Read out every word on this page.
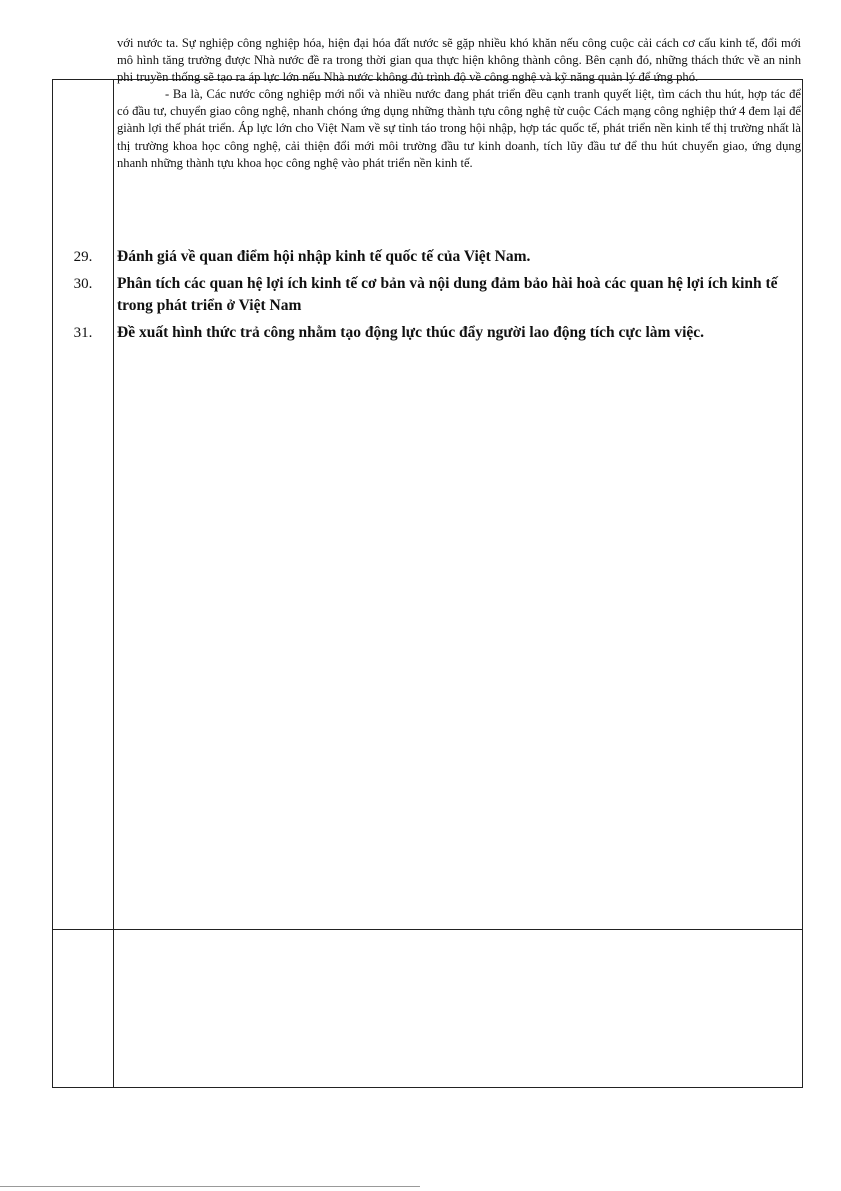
với nước ta. Sự nghiệp công nghiệp hóa, hiện đại hóa đất nước sẽ gặp nhiều khó khăn nếu công cuộc cải cách cơ cấu kinh tế, đổi mới mô hình tăng trưởng được Nhà nước đề ra trong thời gian qua thực hiện không thành công. Bên cạnh đó, những thách thức về an ninh phi truyền thống sẽ tạo ra áp lực lớn nếu Nhà nước không đủ trình độ về công nghệ và kỹ năng quản lý để ứng phó.

- Ba là, Các nước công nghiệp mới nổi và nhiều nước đang phát triển đều cạnh tranh quyết liệt, tìm cách thu hút, hợp tác để có đầu tư, chuyển giao công nghệ, nhanh chóng ứng dụng những thành tựu công nghệ từ cuộc Cách mạng công nghiệp thứ 4 đem lại để giành lợi thế phát triển. Áp lực lớn cho Việt Nam về sự tỉnh táo trong hội nhập, hợp tác quốc tế, phát triển nền kinh tế thị trường nhất là thị trường khoa học công nghệ, cải thiện đổi mới môi trường đầu tư kinh doanh, tích lũy đầu tư để thu hút chuyển giao, ứng dụng nhanh những thành tựu khoa học công nghệ vào phát triển nền kinh tế.

29.	Đánh giá về quan điểm hội nhập kinh tế quốc tế của Việt Nam.
30.	Phân tích các quan hệ lợi ích kinh tế cơ bản và nội dung đảm bảo hài hoà các quan hệ lợi ích kinh tế trong phát triển ở Việt Nam
31.	Đề xuất hình thức trả công nhằm tạo động lực thúc đẩy người lao động tích cực làm việc.
